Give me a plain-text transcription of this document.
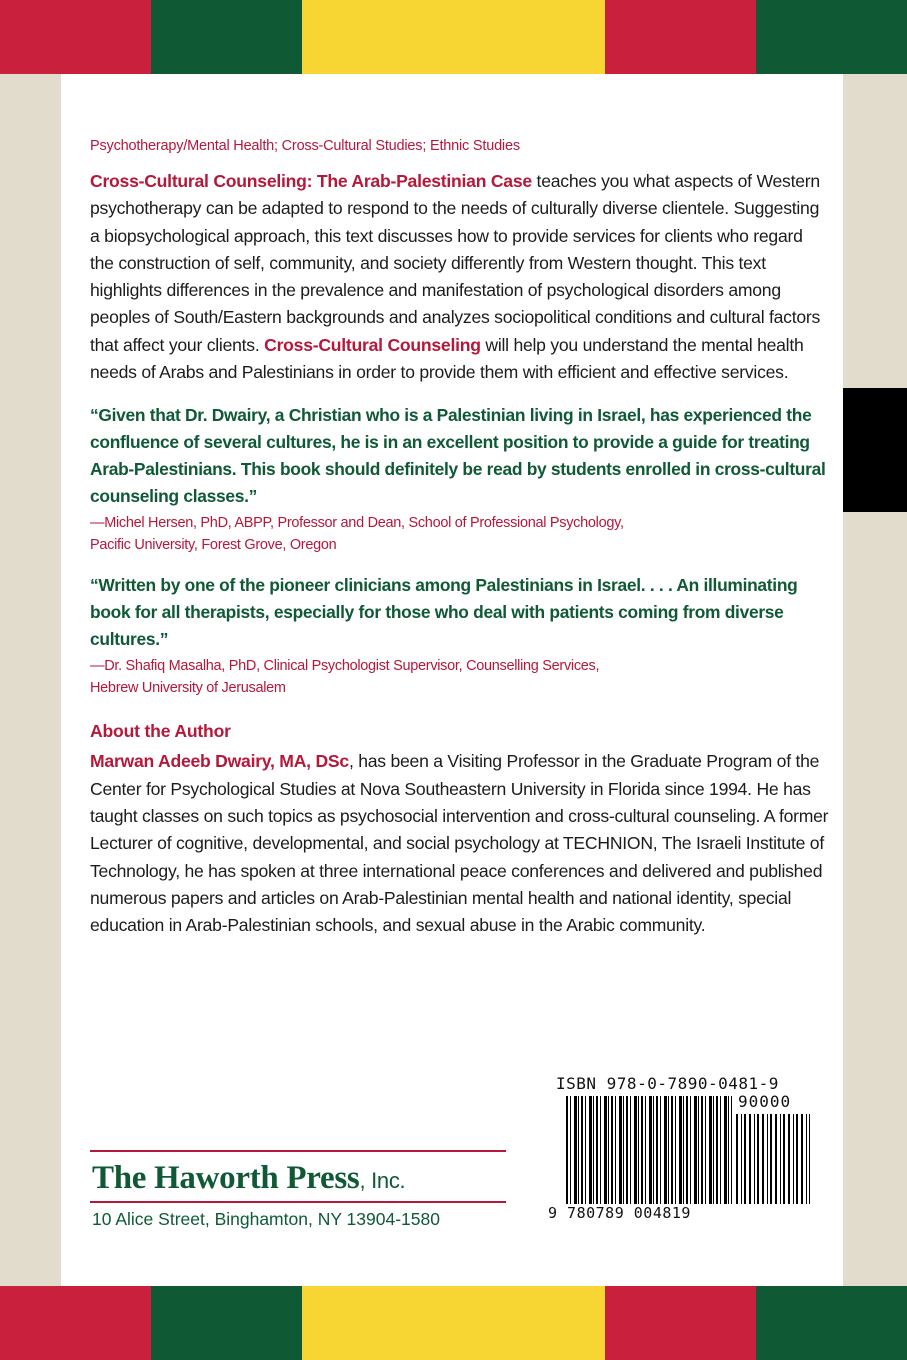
Psychotherapy/Mental Health; Cross-Cultural Studies; Ethnic Studies

Cross-Cultural Counseling: The Arab-Palestinian Case teaches you what aspects of Western psychotherapy can be adapted to respond to the needs of culturally diverse clientele. Suggesting a biopsychological approach, this text discusses how to provide services for clients who regard the construction of self, community, and society differently from Western thought. This text highlights differences in the prevalence and manifestation of psychological disorders among peoples of South/Eastern backgrounds and analyzes sociopolitical conditions and cultural factors that affect your clients. Cross-Cultural Counseling will help you understand the mental health needs of Arabs and Palestinians in order to provide them with efficient and effective services.

“Given that Dr. Dwairy, a Christian who is a Palestinian living in Israel, has experienced the confluence of several cultures, he is in an excellent position to provide a guide for treating Arab-Palestinians. This book should definitely be read by students enrolled in cross-cultural counseling classes.”

—Michel Hersen, PhD, ABPP, Professor and Dean, School of Professional Psychology,
Pacific University, Forest Grove, Oregon

“Written by one of the pioneer clinicians among Palestinians in Israel. . . . An illuminating book for all therapists, especially for those who deal with patients coming from diverse cultures.”

—Dr. Shafiq Masalha, PhD, Clinical Psychologist Supervisor, Counselling Services,
Hebrew University of Jerusalem

About the Author

Marwan Adeeb Dwairy, MA, DSc, has been a Visiting Professor in the Graduate Program of the Center for Psychological Studies at Nova Southeastern University in Florida since 1994. He has taught classes on such topics as psychosocial intervention and cross-cultural counseling. A former Lecturer of cognitive, developmental, and social psychology at TECHNION, The Israeli Institute of Technology, he has spoken at three international peace conferences and delivered and published numerous papers and articles on Arab-Palestinian mental health and national identity, special education in Arab-Palestinian schools, and sexual abuse in the Arabic community.

The Haworth Press, Inc.
10 Alice Street, Binghamton, NY 13904-1580
ISBN 978-0-7890-0481-9
90000
9 780789 004819
